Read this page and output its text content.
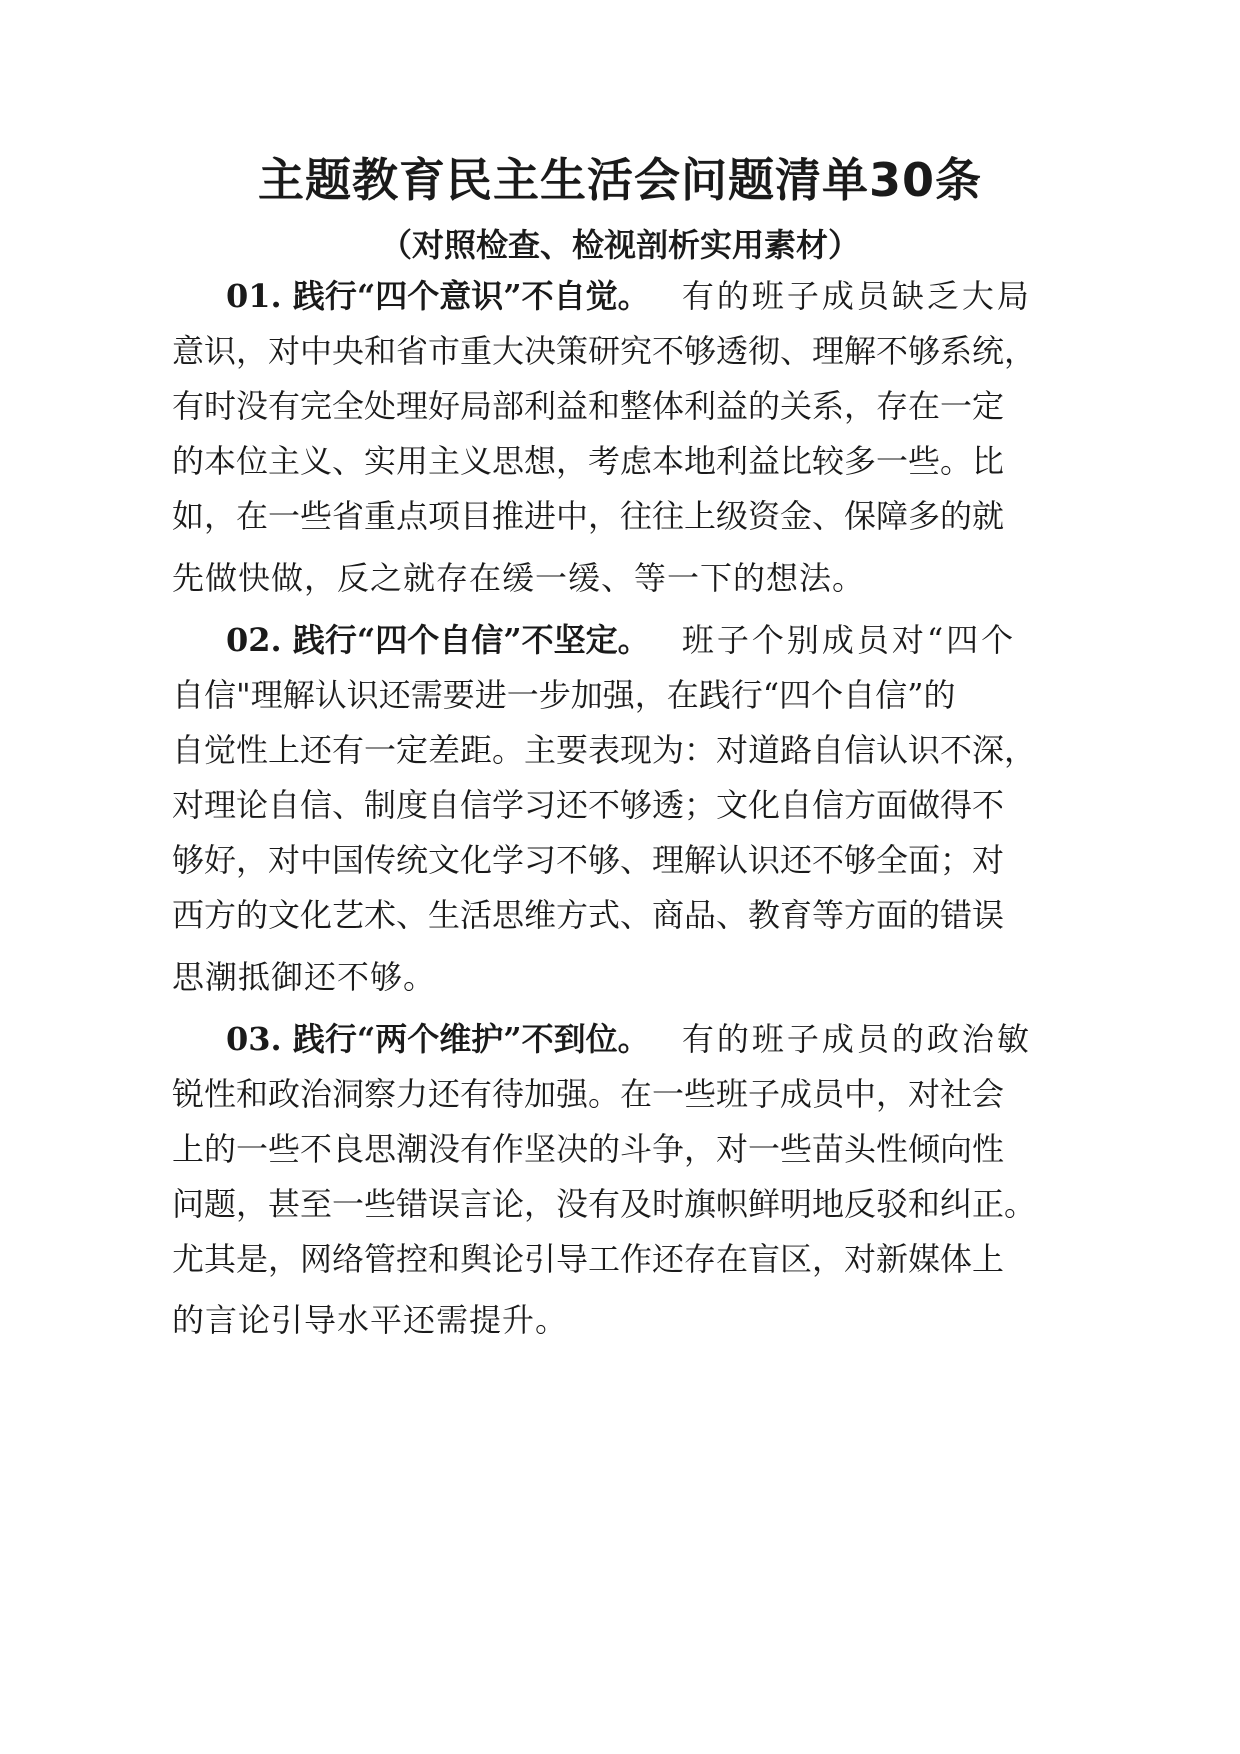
主题教育民主生活会问题清单30条
（对照检查、检视剖析实用素材）
01. 践行“四个意识”不自觉。 有的班子成员缺乏大局
意识，对中央和省市重大决策研究不够透彻、理解不够系统，
有时没有完全处理好局部利益和整体利益的关系，存在一定
的本位主义、实用主义思想，考虑本地利益比较多一些。比
如，在一些省重点项目推进中，往往上级资金、保障多的就
先做快做，反之就存在缓一缓、等一下的想法。
02. 践行“四个自信”不坚定。 班子个别成员对“四个
自信"理解认识还需要进一步加强，在践行“四个自信”的
自觉性上还有一定差距。主要表现为：对道路自信认识不深，
对理论自信、制度自信学习还不够透；文化自信方面做得不
够好，对中国传统文化学习不够、理解认识还不够全面；对
西方的文化艺术、生活思维方式、商品、教育等方面的错误
思潮抵御还不够。
03. 践行“两个维护”不到位。 有的班子成员的政治敏
锐性和政治洞察力还有待加强。在一些班子成员中，对社会
上的一些不良思潮没有作坚决的斗争，对一些苗头性倾向性
问题，甚至一些错误言论，没有及时旗帜鲜明地反驳和纠正。
尤其是，网络管控和舆论引导工作还存在盲区，对新媒体上
的言论引导水平还需提升。
